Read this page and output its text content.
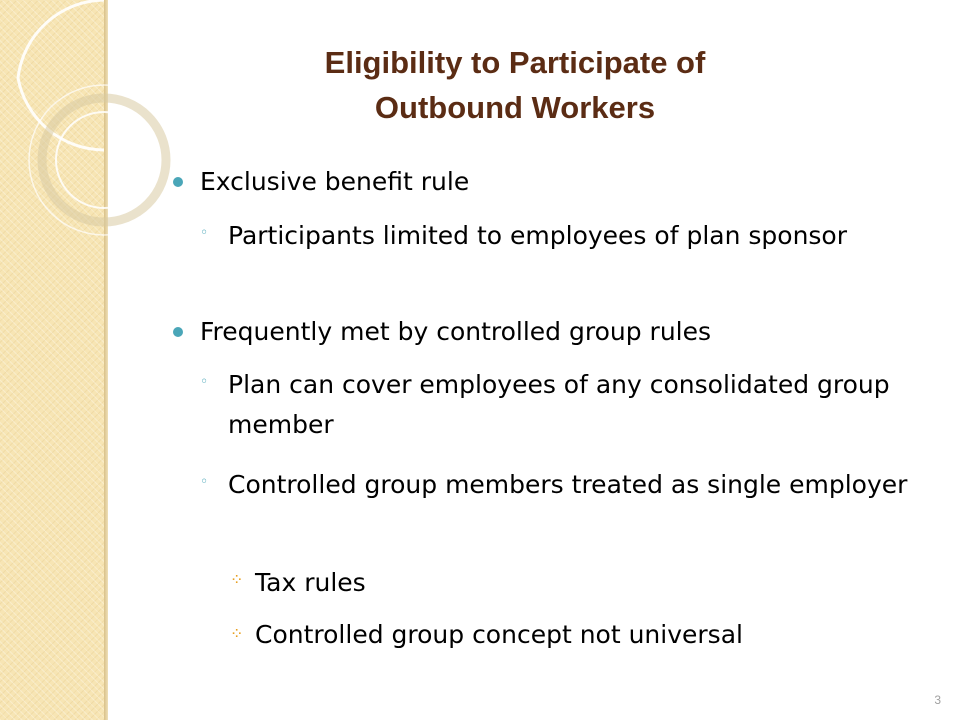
Eligibility to Participate of
Outbound Workers
Exclusive benefit rule
◦ Participants limited to employees of plan sponsor
Frequently met by controlled group rules
◦ Plan can cover employees of any consolidated group member
◦ Controlled group members treated as single employer
⁘ Tax rules
⁘ Controlled group concept not universal
3
